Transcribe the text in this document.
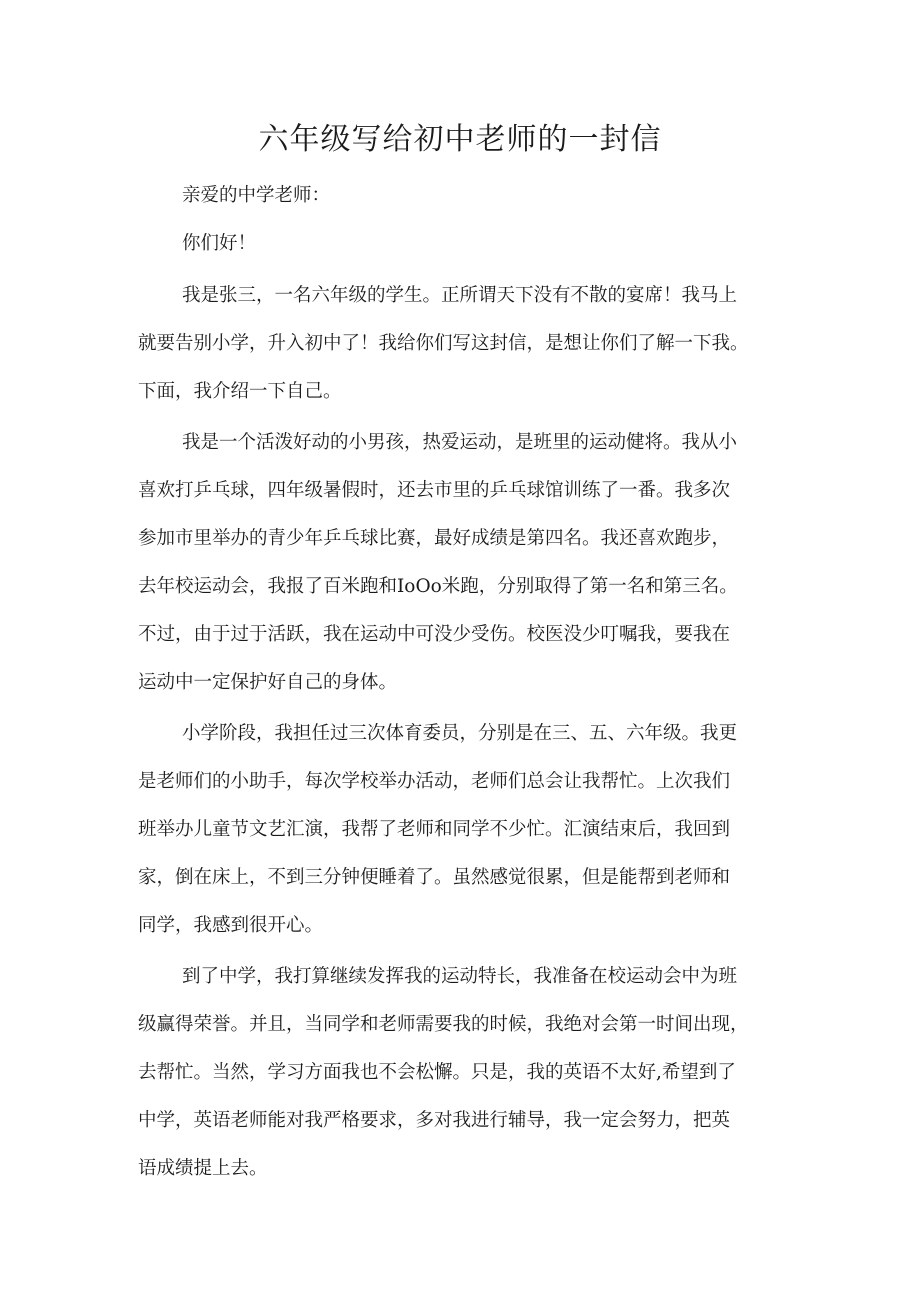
六年级写给初中老师的一封信

亲爱的中学老师：

你们好！

我是张三，一名六年级的学生。正所谓天下没有不散的宴席！我马上
就要告别小学，升入初中了！我给你们写这封信，是想让你们了解一下我。
下面，我介绍一下自己。
我是一个活泼好动的小男孩，热爱运动，是班里的运动健将。我从小
喜欢打乒乓球，四年级暑假时，还去市里的乒乓球馆训练了一番。我多次
参加市里举办的青少年乒乓球比赛，最好成绩是第四名。我还喜欢跑步，
去年校运动会，我报了百米跑和IoOo米跑，分别取得了第一名和第三名。
不过，由于过于活跃，我在运动中可没少受伤。校医没少叮嘱我，要我在
运动中一定保护好自己的身体。
小学阶段，我担任过三次体育委员，分别是在三、五、六年级。我更
是老师们的小助手，每次学校举办活动，老师们总会让我帮忙。上次我们
班举办儿童节文艺汇演，我帮了老师和同学不少忙。汇演结束后，我回到
家，倒在床上，不到三分钟便睡着了。虽然感觉很累，但是能帮到老师和
同学，我感到很开心。
到了中学，我打算继续发挥我的运动特长，我准备在校运动会中为班
级赢得荣誉。并且，当同学和老师需要我的时候，我绝对会第一时间出现，
去帮忙。当然，学习方面我也不会松懈。只是，我的英语不太好,希望到了
中学，英语老师能对我严格要求，多对我进行辅导，我一定会努力，把英
语成绩提上去。
